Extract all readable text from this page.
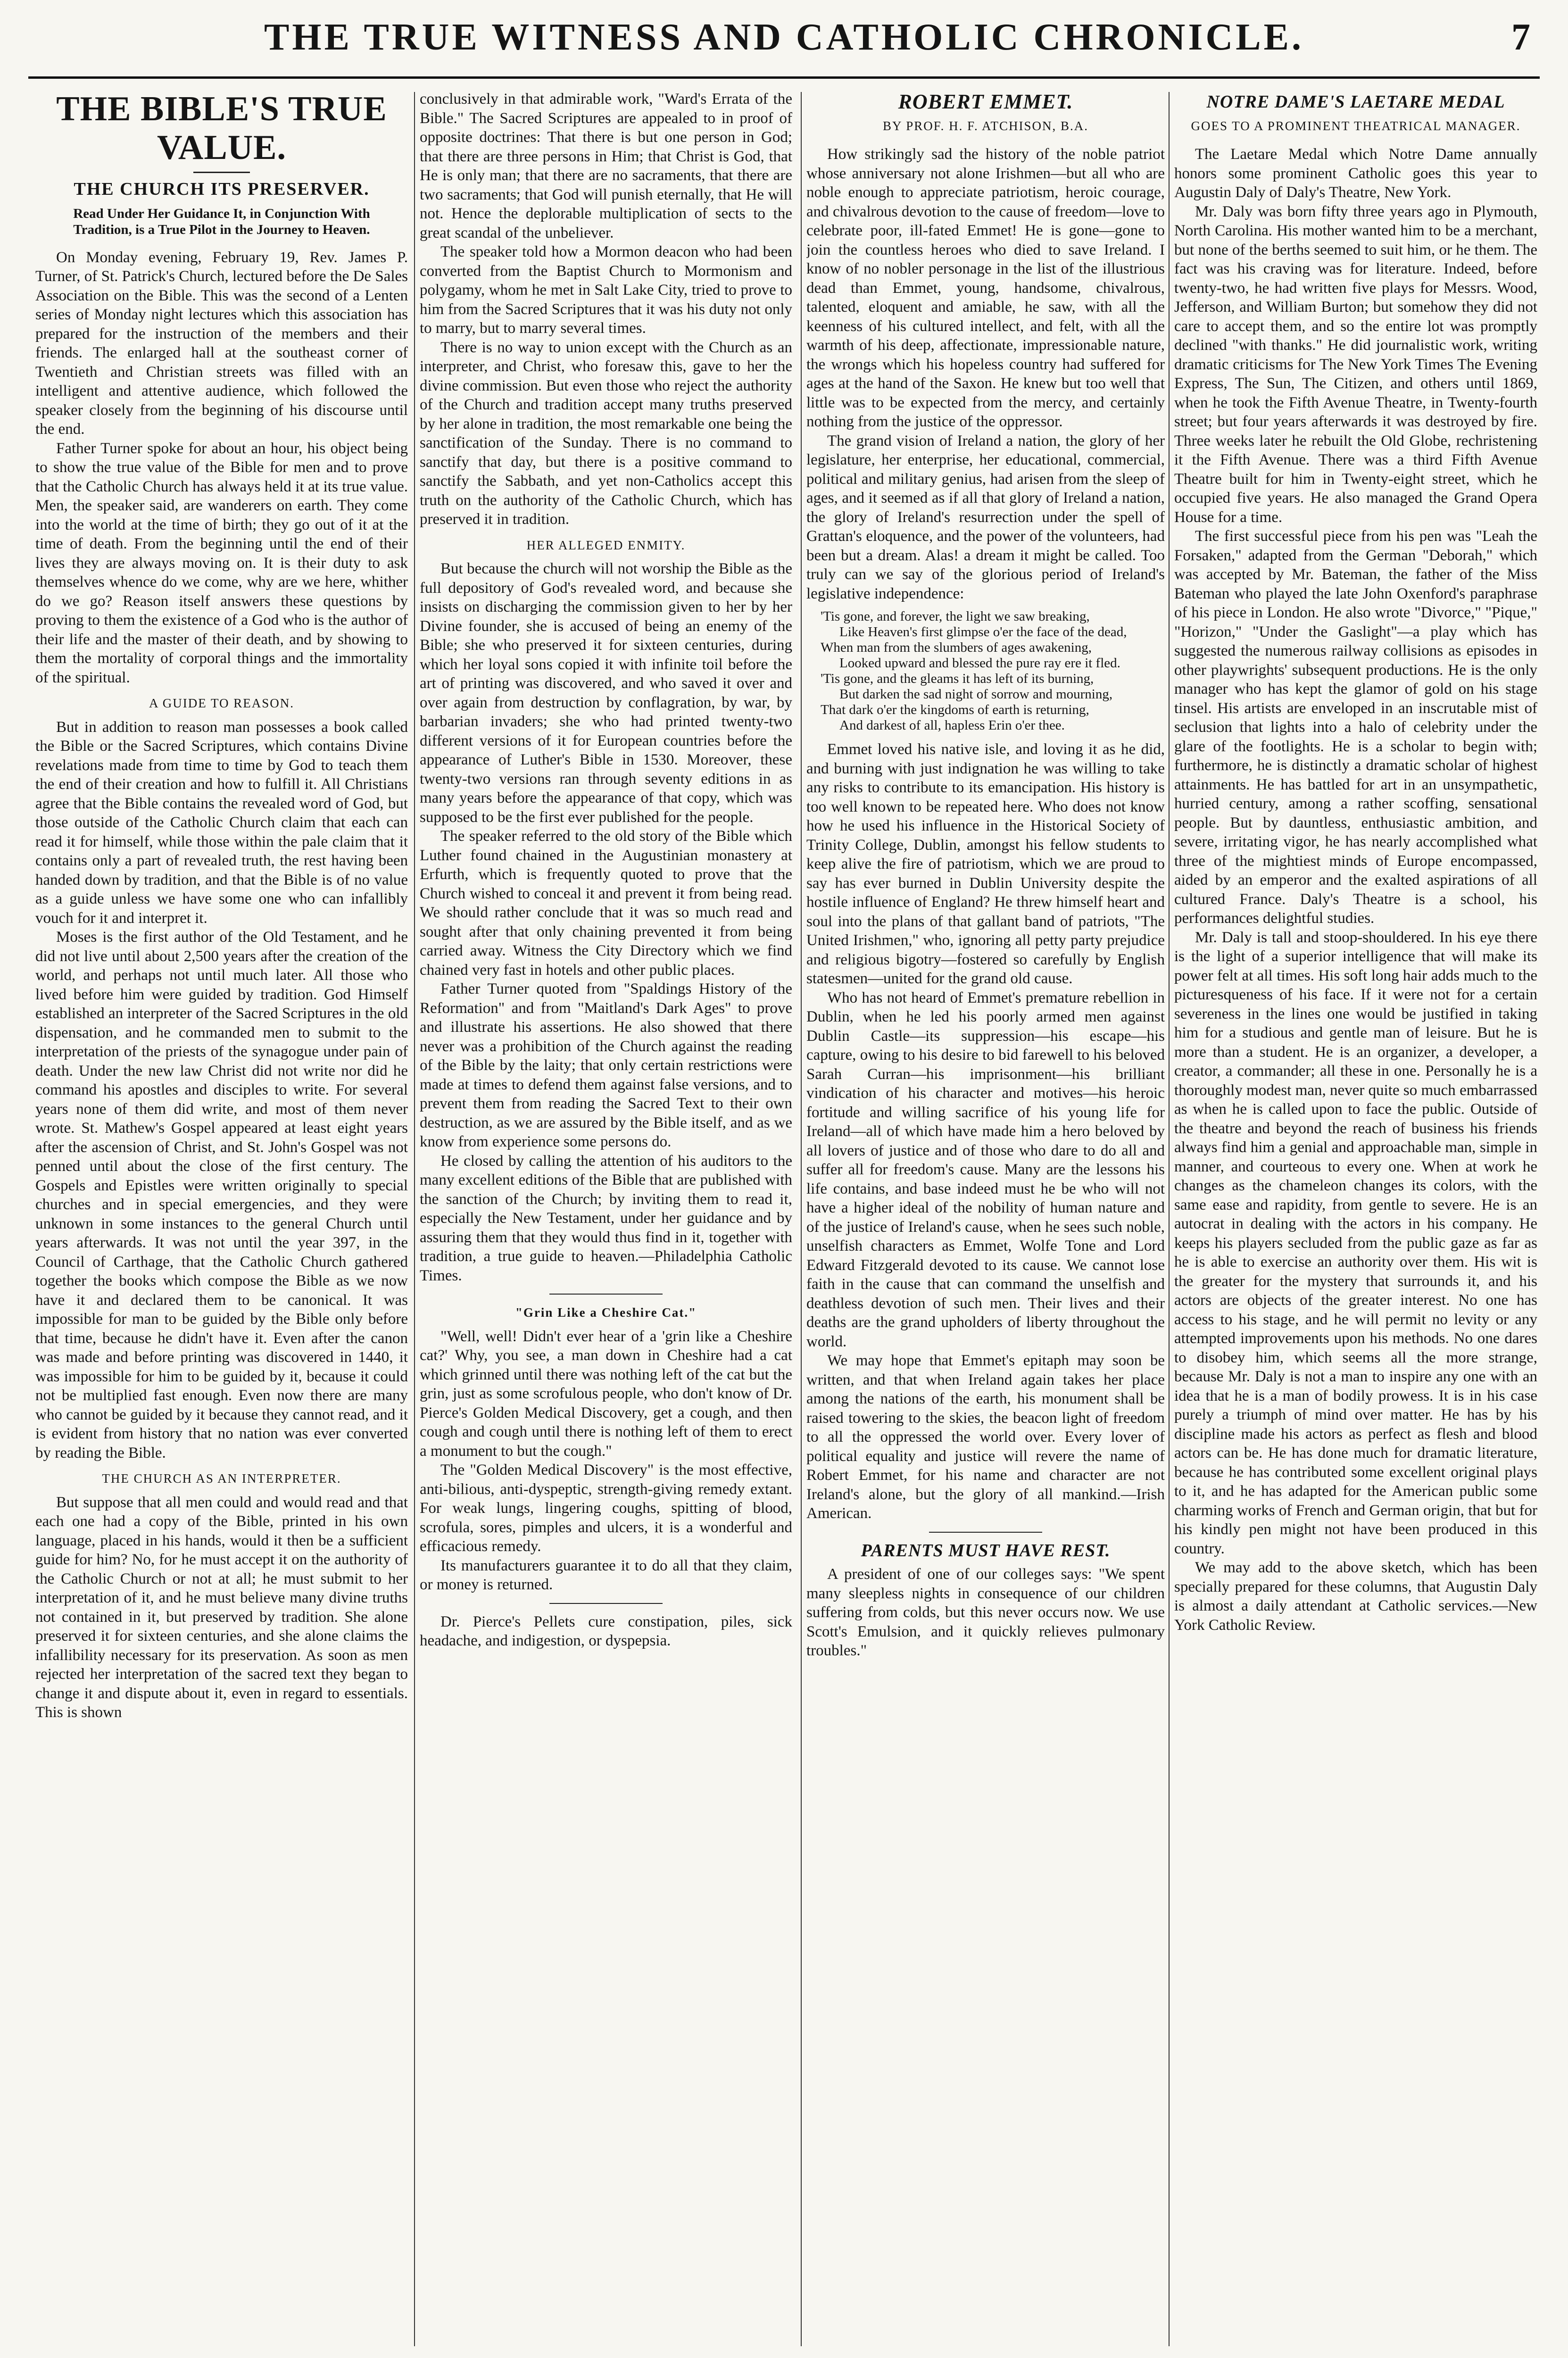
THE TRUE WITNESS AND CATHOLIC CHRONICLE.	7
THE BIBLE'S TRUE VALUE.
THE CHURCH ITS PRESERVER.
Read Under Her Guidance It, in Conjunction With Tradition, is a True Pilot in the Journey to Heaven.

On Monday evening, February 19, Rev. James P. Turner, of St. Patrick's Church, lectured before the De Sales Association on the Bible. This was the second of a Lenten series of Monday night lectures which this association has prepared for the instruction of the members and their friends. The enlarged hall at the southeast corner of Twentieth and Christian streets was filled with an intelligent and attentive audience, which followed the speaker closely from the beginning of his discourse until the end.

Father Turner spoke for about an hour, his object being to show the true value of the Bible for men and to prove that the Catholic Church has always held it at its true value. Men, the speaker said, are wanderers on earth. They come into the world at the time of birth; they go out of it at the time of death. From the beginning until the end of their lives they are always moving on. It is their duty to ask themselves whence do we come, why are we here, whither do we go? Reason itself answers these questions by proving to them the existence of a God who is the author of their life and the master of their death, and by showing to them the mortality of corporal things and the immortality of the spiritual.

A GUIDE TO REASON.

But in addition to reason man possesses a book called the Bible or the Sacred Scriptures, which contains Divine revelations made from time to time by God to teach them the end of their creation and how to fulfill it. All Christians agree that the Bible contains the revealed word of God, but those outside of the Catholic Church claim that each can read it for himself, while those within the pale claim that it contains only a part of revealed truth, the rest having been handed down by tradition, and that the Bible is of no value as a guide unless we have some one who can infallibly vouch for it and interpret it.

Moses is the first author of the Old Testament, and he did not live until about 2,500 years after the creation of the world, and perhaps not until much later. All those who lived before him were guided by tradition. God Himself established an interpreter of the Sacred Scriptures in the old dispensation, and he commanded men to submit to the interpretation of the priests of the synagogue under pain of death. Under the new law Christ did not write nor did he command his apostles and disciples to write. For several years none of them did write, and most of them never wrote. St. Mathew's Gospel appeared at least eight years after the ascension of Christ, and St. John's Gospel was not penned until about the close of the first century. The Gospels and Epistles were written originally to special churches and in special emergencies, and they were unknown in some instances to the general Church until years afterwards. It was not until the year 397, in the Council of Carthage, that the Catholic Church gathered together the books which compose the Bible as we now have it and declared them to be canonical. It was impossible for man to be guided by the Bible only before that time, because he didn't have it. Even after the canon was made and before printing was discovered in 1440, it was impossible for him to be guided by it, because it could not be multiplied fast enough. Even now there are many who cannot be guided by it because they cannot read, and it is evident from history that no nation was ever converted by reading the Bible.

THE CHURCH AS AN INTERPRETER.

But suppose that all men could and would read and that each one had a copy of the Bible, printed in his own language, placed in his hands, would it then be a sufficient guide for him? No, for he must accept it on the authority of the Catholic Church or not at all; he must submit to her interpretation of it, and he must believe many divine truths not contained in it, but preserved by tradition. She alone preserved it for sixteen centuries, and she alone claims the infallibility necessary for its preservation. As soon as men rejected her interpretation of the sacred text they began to change it and dispute about it, even in regard to essentials. This is shown

conclusively in that admirable work, "Ward's Errata of the Bible." The Sacred Scriptures are appealed to in proof of opposite doctrines: That there is but one person in God; that there are three persons in Him; that Christ is God, that He is only man; that there are no sacraments, that there are two sacraments; that God will punish eternally, that He will not. Hence the deplorable multiplication of sects to the great scandal of the unbeliever.

The speaker told how a Mormon deacon who had been converted from the Baptist Church to Mormonism and polygamy, whom he met in Salt Lake City, tried to prove to him from the Sacred Scriptures that it was his duty not only to marry, but to marry several times.

There is no way to union except with the Church as an interpreter, and Christ, who foresaw this, gave to her the divine commission. But even those who reject the authority of the Church and tradition accept many truths preserved by her alone in tradition, the most remarkable one being the sanctification of the Sunday. There is no command to sanctify that day, but there is a positive command to sanctify the Sabbath, and yet non-Catholics accept this truth on the authority of the Catholic Church, which has preserved it in tradition.

HER ALLEGED ENMITY.

But because the church will not worship the Bible as the full depository of God's revealed word, and because she insists on discharging the commission given to her by her Divine founder, she is accused of being an enemy of the Bible; she who preserved it for sixteen centuries, during which her loyal sons copied it with infinite toil before the art of printing was discovered, and who saved it over and over again from destruction by conflagration, by war, by barbarian invaders; she who had printed twenty-two different versions of it for European countries before the appearance of Luther's Bible in 1530. Moreover, these twenty-two versions ran through seventy editions in as many years before the appearance of that copy, which was supposed to be the first ever published for the people.

The speaker referred to the old story of the Bible which Luther found chained in the Augustinian monastery at Erfurth, which is frequently quoted to prove that the Church wished to conceal it and prevent it from being read. We should rather conclude that it was so much read and sought after that only chaining prevented it from being carried away. Witness the City Directory which we find chained very fast in hotels and other public places.

Father Turner quoted from "Spaldings History of the Reformation" and from "Maitland's Dark Ages" to prove and illustrate his assertions. He also showed that there never was a prohibition of the Church against the reading of the Bible by the laity; that only certain restrictions were made at times to defend them against false versions, and to prevent them from reading the Sacred Text to their own destruction, as we are assured by the Bible itself, and as we know from experience some persons do.

He closed by calling the attention of his auditors to the many excellent editions of the Bible that are published with the sanction of the Church; by inviting them to read it, especially the New Testament, under her guidance and by assuring them that they would thus find in it, together with tradition, a true guide to heaven.—Philadelphia Catholic Times.

"Grin Like a Cheshire Cat."

"Well, well! Didn't ever hear of a 'grin like a Cheshire cat?' Why, you see, a man down in Cheshire had a cat which grinned until there was nothing left of the cat but the grin, just as some scrofulous people, who don't know of Dr. Pierce's Golden Medical Discovery, get a cough, and then cough and cough until there is nothing left of them to erect a monument to but the cough."

The "Golden Medical Discovery" is the most effective, anti-bilious, anti-dyspeptic, strength-giving remedy extant. For weak lungs, lingering coughs, spitting of blood, scrofula, sores, pimples and ulcers, it is a wonderful and efficacious remedy.

Its manufacturers guarantee it to do all that they claim, or money is returned.

Dr. Pierce's Pellets cure constipation, piles, sick headache, and indigestion, or dyspepsia.

ROBERT EMMET.
BY PROF. H. F. ATCHISON, B.A.

How strikingly sad the history of the noble patriot whose anniversary not alone Irishmen—but all who are noble enough to appreciate patriotism, heroic courage, and chivalrous devotion to the cause of freedom—love to celebrate poor, ill-fated Emmet! He is gone—gone to join the countless heroes who died to save Ireland. I know of no nobler personage in the list of the illustrious dead than Emmet, young, handsome, chivalrous, talented, eloquent and amiable, he saw, with all the keenness of his cultured intellect, and felt, with all the warmth of his deep, affectionate, impressionable nature, the wrongs which his hopeless country had suffered for ages at the hand of the Saxon. He knew but too well that little was to be expected from the mercy, and certainly nothing from the justice of the oppressor.

The grand vision of Ireland a nation, the glory of her legislature, her enterprise, her educational, commercial, political and military genius, had arisen from the sleep of ages, and it seemed as if all that glory of Ireland a nation, the glory of Ireland's resurrection under the spell of Grattan's eloquence, and the power of the volunteers, had been but a dream. Alas! a dream it might be called. Too truly can we say of the glorious period of Ireland's legislative independence:

'Tis gone, and forever, the light we saw breaking,
Like Heaven's first glimpse o'er the face of the dead,
When man from the slumbers of ages awakening,
Looked upward and blessed the pure ray ere it fled.
'Tis gone, and the gleams it has left of its burning,
But darken the sad night of sorrow and mourning,
That dark o'er the kingdoms of earth is returning,
And darkest of all, hapless Erin o'er thee.

Emmet loved his native isle, and loving it as he did, and burning with just indignation he was willing to take any risks to contribute to its emancipation. His history is too well known to be repeated here. Who does not know how he used his influence in the Historical Society of Trinity College, Dublin, amongst his fellow students to keep alive the fire of patriotism, which we are proud to say has ever burned in Dublin University despite the hostile influence of England? He threw himself heart and soul into the plans of that gallant band of patriots, "The United Irishmen," who, ignoring all petty party prejudice and religious bigotry—fostered so carefully by English statesmen—united for the grand old cause.

Who has not heard of Emmet's premature rebellion in Dublin, when he led his poorly armed men against Dublin Castle—its suppression—his escape—his capture, owing to his desire to bid farewell to his beloved Sarah Curran—his imprisonment—his brilliant vindication of his character and motives—his heroic fortitude and willing sacrifice of his young life for Ireland—all of which have made him a hero beloved by all lovers of justice and of those who dare to do all and suffer all for freedom's cause. Many are the lessons his life contains, and base indeed must he be who will not have a higher ideal of the nobility of human nature and of the justice of Ireland's cause, when he sees such noble, unselfish characters as Emmet, Wolfe Tone and Lord Edward Fitzgerald devoted to its cause. We cannot lose faith in the cause that can command the unselfish and deathless devotion of such men. Their lives and their deaths are the grand upholders of liberty throughout the world.

We may hope that Emmet's epitaph may soon be written, and that when Ireland again takes her place among the nations of the earth, his monument shall be raised towering to the skies, the beacon light of freedom to all the oppressed the world over. Every lover of political equality and justice will revere the name of Robert Emmet, for his name and character are not Ireland's alone, but the glory of all mankind.—Irish American.

PARENTS MUST HAVE REST.

A president of one of our colleges says: "We spent many sleepless nights in consequence of our children suffering from colds, but this never occurs now. We use Scott's Emulsion, and it quickly relieves pulmonary troubles."

NOTRE DAME'S LAETARE MEDAL
GOES TO A PROMINENT THEATRICAL MANAGER.

The Laetare Medal which Notre Dame annually honors some prominent Catholic goes this year to Augustin Daly of Daly's Theatre, New York.

Mr. Daly was born fifty three years ago in Plymouth, North Carolina. His mother wanted him to be a merchant, but none of the berths seemed to suit him, or he them. The fact was his craving was for literature. Indeed, before twenty-two, he had written five plays for Messrs. Wood, Jefferson, and William Burton; but somehow they did not care to accept them, and so the entire lot was promptly declined "with thanks." He did journalistic work, writing dramatic criticisms for The New York Times The Evening Express, The Sun, The Citizen, and others until 1869, when he took the Fifth Avenue Theatre, in Twenty-fourth street; but four years afterwards it was destroyed by fire. Three weeks later he rebuilt the Old Globe, rechristening it the Fifth Avenue. There was a third Fifth Avenue Theatre built for him in Twenty-eight street, which he occupied five years. He also managed the Grand Opera House for a time.

The first successful piece from his pen was "Leah the Forsaken," adapted from the German "Deborah," which was accepted by Mr. Bateman, the father of the Miss Bateman who played the late John Oxenford's paraphrase of his piece in London. He also wrote "Divorce," "Pique," "Horizon," "Under the Gaslight"—a play which has suggested the numerous railway collisions as episodes in other playwrights' subsequent productions. He is the only manager who has kept the glamor of gold on his stage tinsel. His artists are enveloped in an inscrutable mist of seclusion that lights into a halo of celebrity under the glare of the footlights. He is a scholar to begin with; furthermore, he is distinctly a dramatic scholar of highest attainments. He has battled for art in an unsympathetic, hurried century, among a rather scoffing, sensational people. But by dauntless, enthusiastic ambition, and severe, irritating vigor, he has nearly accomplished what three of the mightiest minds of Europe encompassed, aided by an emperor and the exalted aspirations of all cultured France. Daly's Theatre is a school, his performances delightful studies.

Mr. Daly is tall and stoop-shouldered. In his eye there is the light of a superior intelligence that will make its power felt at all times. His soft long hair adds much to the picturesqueness of his face. If it were not for a certain severeness in the lines one would be justified in taking him for a studious and gentle man of leisure. But he is more than a student. He is an organizer, a developer, a creator, a commander; all these in one. Personally he is a thoroughly modest man, never quite so much embarrassed as when he is called upon to face the public. Outside of the theatre and beyond the reach of business his friends always find him a genial and approachable man, simple in manner, and courteous to every one. When at work he changes as the chameleon changes its colors, with the same ease and rapidity, from gentle to severe. He is an autocrat in dealing with the actors in his company. He keeps his players secluded from the public gaze as far as he is able to exercise an authority over them. His wit is the greater for the mystery that surrounds it, and his actors are objects of the greater interest. No one has access to his stage, and he will permit no levity or any attempted improvements upon his methods. No one dares to disobey him, which seems all the more strange, because Mr. Daly is not a man to inspire any one with an idea that he is a man of bodily prowess. It is in his case purely a triumph of mind over matter. He has by his discipline made his actors as perfect as flesh and blood actors can be. He has done much for dramatic literature, because he has contributed some excellent original plays to it, and he has adapted for the American public some charming works of French and German origin, that but for his kindly pen might not have been produced in this country.

We may add to the above sketch, which has been specially prepared for these columns, that Augustin Daly is almost a daily attendant at Catholic services.—New York Catholic Review.
